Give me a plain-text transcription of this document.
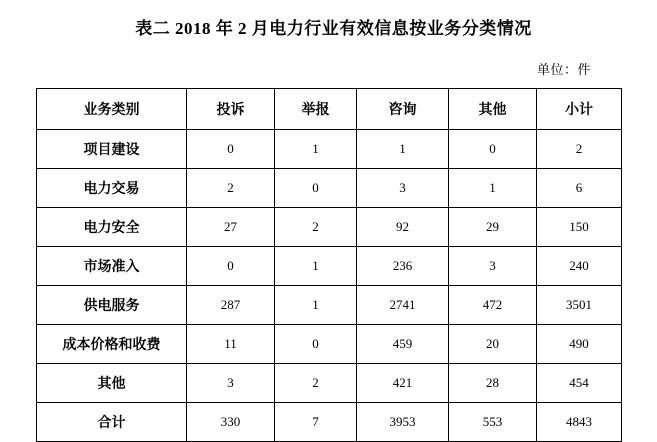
表二 2018 年 2 月电力行业有效信息按业务分类情况
单位：件
业务类别	投诉	举报	咨询	其他	小计
项目建设	0	1	1	0	2
电力交易	2	0	3	1	6
电力安全	27	2	92	29	150
市场准入	0	1	236	3	240
供电服务	287	1	2741	472	3501
成本价格和收费	11	0	459	20	490
其他	3	2	421	28	454
合计	330	7	3953	553	4843
